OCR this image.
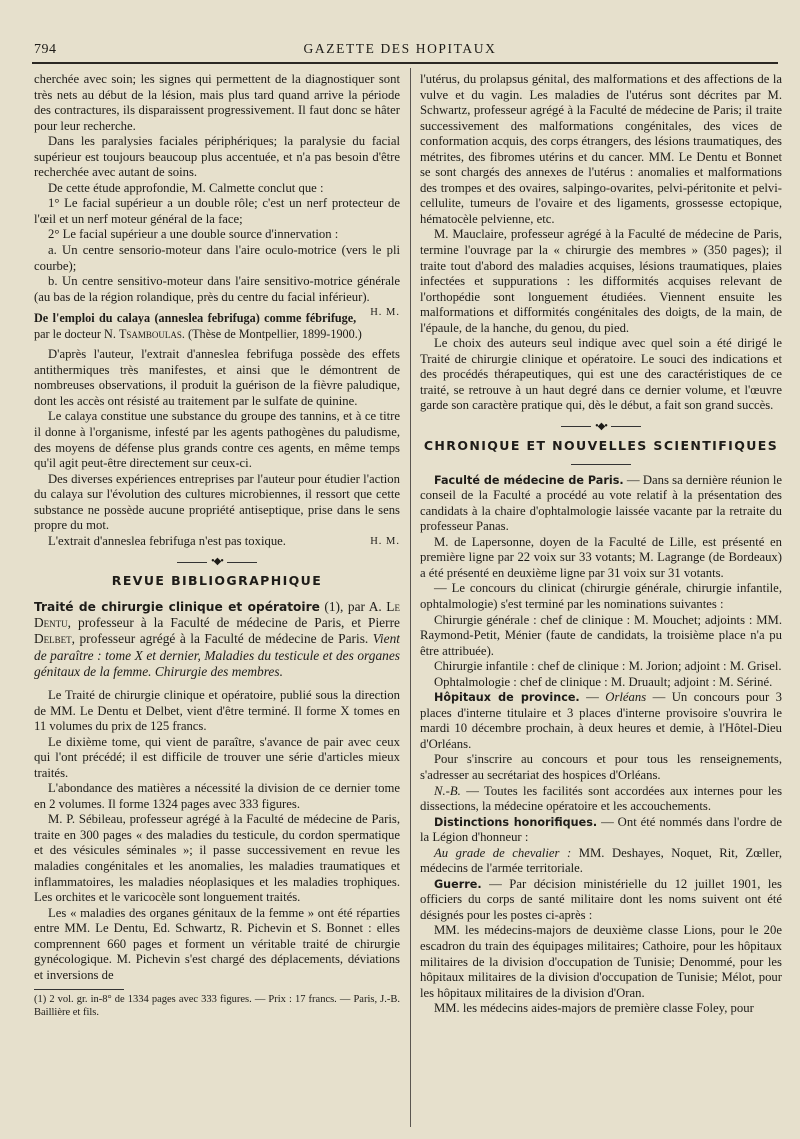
794	GAZETTE DES HOPITAUX

cherchée avec soin; les signes qui permettent de la diagnostiquer sont très nets au début de la lésion, mais plus tard quand arrive la période des contractures, ils disparaissent progressivement. Il faut donc se hâter pour leur recherche.

Dans les paralysies faciales périphériques; la paralysie du facial supérieur est toujours beaucoup plus accentuée, et n'a pas besoin d'être recherchée avec autant de soins.

De cette étude approfondie, M. Calmette conclut que :

1° Le facial supérieur a un double rôle; c'est un nerf protecteur de l'œil et un nerf moteur général de la face;

2° Le facial supérieur a une double source d'innervation :

a. Un centre sensorio-moteur dans l'aire oculo-motrice (vers le pli courbe);

b. Un centre sensitivo-moteur dans l'aire sensitivo-motrice générale (au bas de la région rolandique, près du centre du facial inférieur).
H. M.

De l'emploi du calaya (anneslea febrifuga) comme fébrifuge, par le docteur N. Tsamboulas. (Thèse de Montpellier, 1899-1900.)

D'après l'auteur, l'extrait d'anneslea febrifuga possède des effets antithermiques très manifestes, et ainsi que le démontrent de nombreuses observations, il produit la guérison de la fièvre paludique, dont les accès ont résisté au traitement par le sulfate de quinine.

Le calaya constitue une substance du groupe des tannins, et à ce titre il donne à l'organisme, infesté par les agents pathogènes du paludisme, des moyens de défense plus grands contre ces agents, en même temps qu'il agit peut-être directement sur ceux-ci.

Des diverses expériences entreprises par l'auteur pour étudier l'action du calaya sur l'évolution des cultures microbiennes, il ressort que cette substance ne possède aucune propriété antiseptique, prise dans le sens propre du mot.

L'extrait d'anneslea febrifuga n'est pas toxique.	H. M.

•◆•
REVUE BIBLIOGRAPHIQUE

Traité de chirurgie clinique et opératoire (1), par A. Le Dentu, professeur à la Faculté de médecine de Paris, et Pierre Delbet, professeur agrégé à la Faculté de médecine de Paris. Vient de paraître : tome X et dernier, Maladies du testicule et des organes génitaux de la femme. Chirurgie des membres.

Le Traité de chirurgie clinique et opératoire, publié sous la direction de MM. Le Dentu et Delbet, vient d'être terminé. Il forme X tomes en 11 volumes du prix de 125 francs.

Le dixième tome, qui vient de paraître, s'avance de pair avec ceux qui l'ont précédé; il est difficile de trouver une série d'articles mieux traités.

L'abondance des matières a nécessité la division de ce dernier tome en 2 volumes. Il forme 1324 pages avec 333 figures.

M. P. Sébileau, professeur agrégé à la Faculté de médecine de Paris, traite en 300 pages « des maladies du testicule, du cordon spermatique et des vésicules séminales »; il passe successivement en revue les maladies congénitales et les anomalies, les maladies traumatiques et inflammatoires, les maladies néoplasiques et les maladies trophiques. Les orchites et le varicocèle sont longuement traités.

Les « maladies des organes génitaux de la femme » ont été réparties entre MM. Le Dentu, Ed. Schwartz, R. Pichevin et S. Bonnet : elles comprennent 660 pages et forment un véritable traité de chirurgie gynécologique. M. Pichevin s'est chargé des déplacements, déviations et inversions de

(1) 2 vol. gr. in-8° de 1334 pages avec 333 figures. — Prix : 17 francs. — Paris, J.-B. Baillière et fils.

l'utérus, du prolapsus génital, des malformations et des affections de la vulve et du vagin. Les maladies de l'utérus sont décrites par M. Schwartz, professeur agrégé à la Faculté de médecine de Paris; il traite successivement des malformations congénitales, des vices de conformation acquis, des corps étrangers, des lésions traumatiques, des métrites, des fibromes utérins et du cancer. MM. Le Dentu et Bonnet se sont chargés des annexes de l'utérus : anomalies et malformations des trompes et des ovaires, salpingo-ovarites, pelvi-péritonite et pelvi-cellulite, tumeurs de l'ovaire et des ligaments, grossesse ectopique, hématocèle pelvienne, etc.

M. Mauclaire, professeur agrégé à la Faculté de médecine de Paris, termine l'ouvrage par la « chirurgie des membres » (350 pages); il traite tout d'abord des maladies acquises, lésions traumatiques, plaies infectées et suppurations : les difformités acquises relevant de l'orthopédie sont longuement étudiées. Viennent ensuite les malformations et difformités congénitales des doigts, de la main, de l'épaule, de la hanche, du genou, du pied.

Le choix des auteurs seul indique avec quel soin a été dirigé le Traité de chirurgie clinique et opératoire. Le souci des indications et des procédés thérapeutiques, qui est une des caractéristiques de ce traité, se retrouve à un haut degré dans ce dernier volume, et l'œuvre garde son caractère pratique qui, dès le début, a fait son grand succès.

•◆•
CHRONIQUE ET NOUVELLES SCIENTIFIQUES

Faculté de médecine de Paris. — Dans sa dernière réunion le conseil de la Faculté a procédé au vote relatif à la présentation des candidats à la chaire d'ophtalmologie laissée vacante par la retraite du professeur Panas.

M. de Lapersonne, doyen de la Faculté de Lille, est présenté en première ligne par 22 voix sur 33 votants; M. Lagrange (de Bordeaux) a été présenté en deuxième ligne par 31 voix sur 31 votants.

— Le concours du clinicat (chirurgie générale, chirurgie infantile, ophtalmologie) s'est terminé par les nominations suivantes :

Chirurgie générale : chef de clinique : M. Mouchet; adjoints : MM. Raymond-Petit, Ménier (faute de candidats, la troisième place n'a pu être attribuée).

Chirurgie infantile : chef de clinique : M. Jorion; adjoint : M. Grisel.

Ophtalmologie : chef de clinique : M. Druault; adjoint : M. Sériné.

Hôpitaux de province. — Orléans — Un concours pour 3 places d'interne titulaire et 3 places d'interne provisoire s'ouvrira le mardi 10 décembre prochain, à deux heures et demie, à l'Hôtel-Dieu d'Orléans.

Pour s'inscrire au concours et pour tous les renseignements, s'adresser au secrétariat des hospices d'Orléans.

N.-B. — Toutes les facilités sont accordées aux internes pour les dissections, la médecine opératoire et les accouchements.

Distinctions honorifiques. — Ont été nommés dans l'ordre de la Légion d'honneur :

Au grade de chevalier : MM. Deshayes, Noquet, Rit, Zœller, médecins de l'armée territoriale.

Guerre. — Par décision ministérielle du 12 juillet 1901, les officiers du corps de santé militaire dont les noms suivent ont été désignés pour les postes ci-après :

MM. les médecins-majors de deuxième classe Lions, pour le 20e escadron du train des équipages militaires; Cathoire, pour les hôpitaux militaires de la division d'occupation de Tunisie; Denommé, pour les hôpitaux militaires de la division d'occupation de Tunisie; Mélot, pour les hôpitaux militaires de la division d'Oran.

MM. les médecins aides-majors de première classe Foley, pour
